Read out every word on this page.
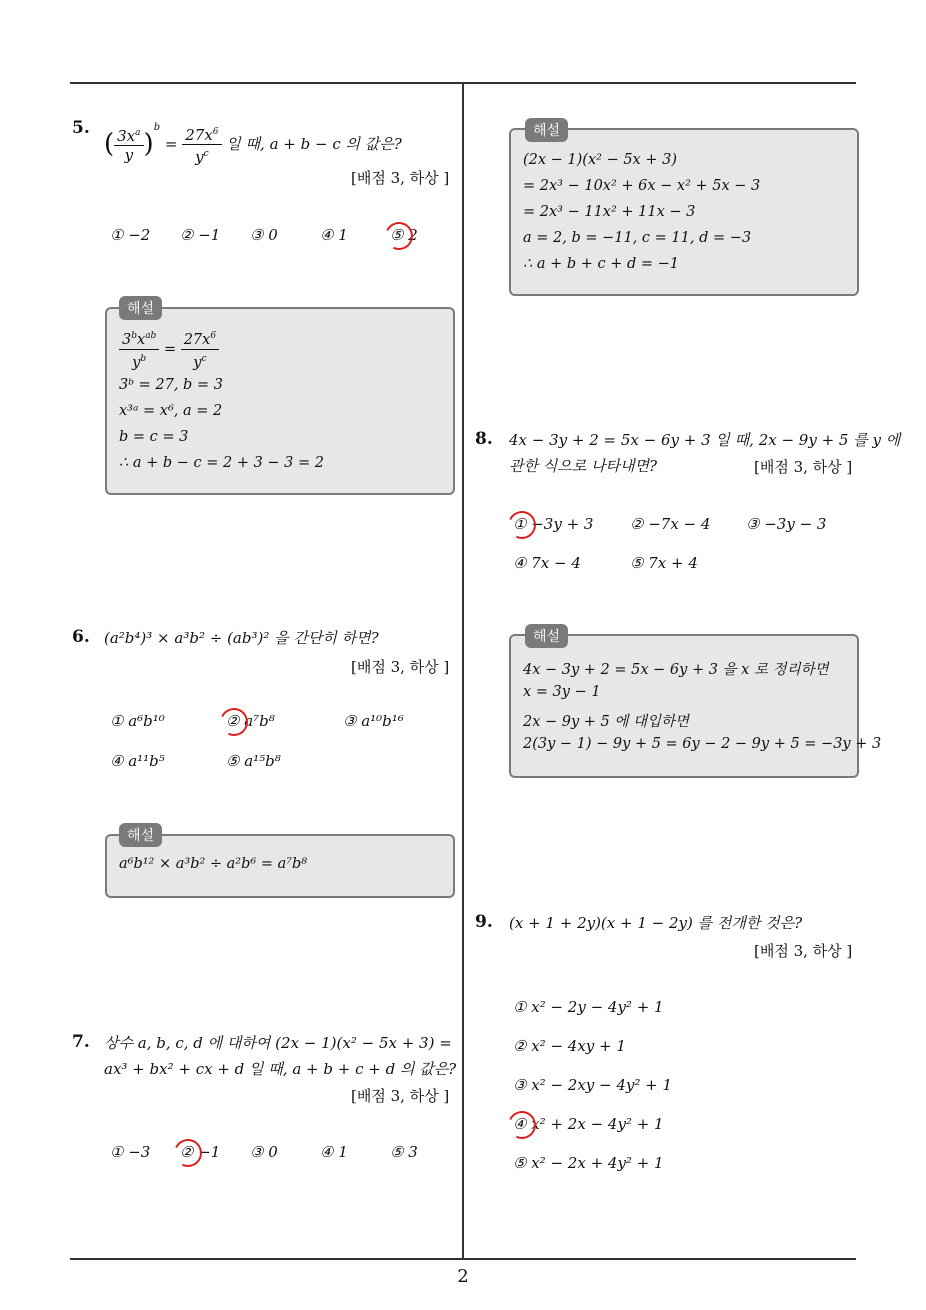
5.
( $\frac{3x^a}{y} )^b = \frac{27x^6}{y^c}$ 일 때, a + b − c 의 값은?
[배점 3, 하상 ]
① −2 ② −1 ③ 0	④ 1	⑤ 2
해설
$\frac{3^bx^{ab}}{y^b} = \frac{27x^6}{y^c}$
3ᵇ = 27, b = 3
x³ᵃ = x⁶, a = 2
b = c = 3
∴ a + b − c = 2 + 3 − 3 = 2
6. (a²b⁴)³ × a³b² ÷ (ab³)² 을 간단히 하면?
[배점 3, 하상 ]
① a⁶b¹⁰	② a⁷b⁸	③ a¹⁰b¹⁶
④ a¹¹b⁵	⑤ a¹⁵b⁸
해설
a⁶b¹² × a³b² ÷ a²b⁶ = a⁷b⁸
7. 상수 a, b, c, d 에 대하여 (2x − 1)(x² − 5x + 3) =
ax³ + bx² + cx + d 일 때, a + b + c + d 의 값은?
[배점 3, 하상 ]
① −3 ② −1 ③ 0	④ 1	⑤ 3
해설
(2x − 1)(x² − 5x + 3)
= 2x³ − 10x² + 6x − x² + 5x − 3
= 2x³ − 11x² + 11x − 3
a = 2, b = −11, c = 11, d = −3
∴ a + b + c + d = −1
8. 4x − 3y + 2 = 5x − 6y + 3 일 때, 2x − 9y + 5 를 y 에
관한 식으로 나타내면?	[배점 3, 하상 ]
① −3y + 3 ② −7x − 4 ③ −3y − 3
④ 7x − 4	⑤ 7x + 4
해설
4x − 3y + 2 = 5x − 6y + 3 을 x 로 정리하면
x = 3y − 1
2x − 9y + 5 에 대입하면
2(3y − 1) − 9y + 5 = 6y − 2 − 9y + 5 = −3y + 3
9. (x + 1 + 2y)(x + 1 − 2y) 를 전개한 것은?
[배점 3, 하상 ]
① x² − 2y − 4y² + 1
② x² − 4xy + 1
③ x² − 2xy − 4y² + 1
④ x² + 2x − 4y² + 1
⑤ x² − 2x + 4y² + 1
2
